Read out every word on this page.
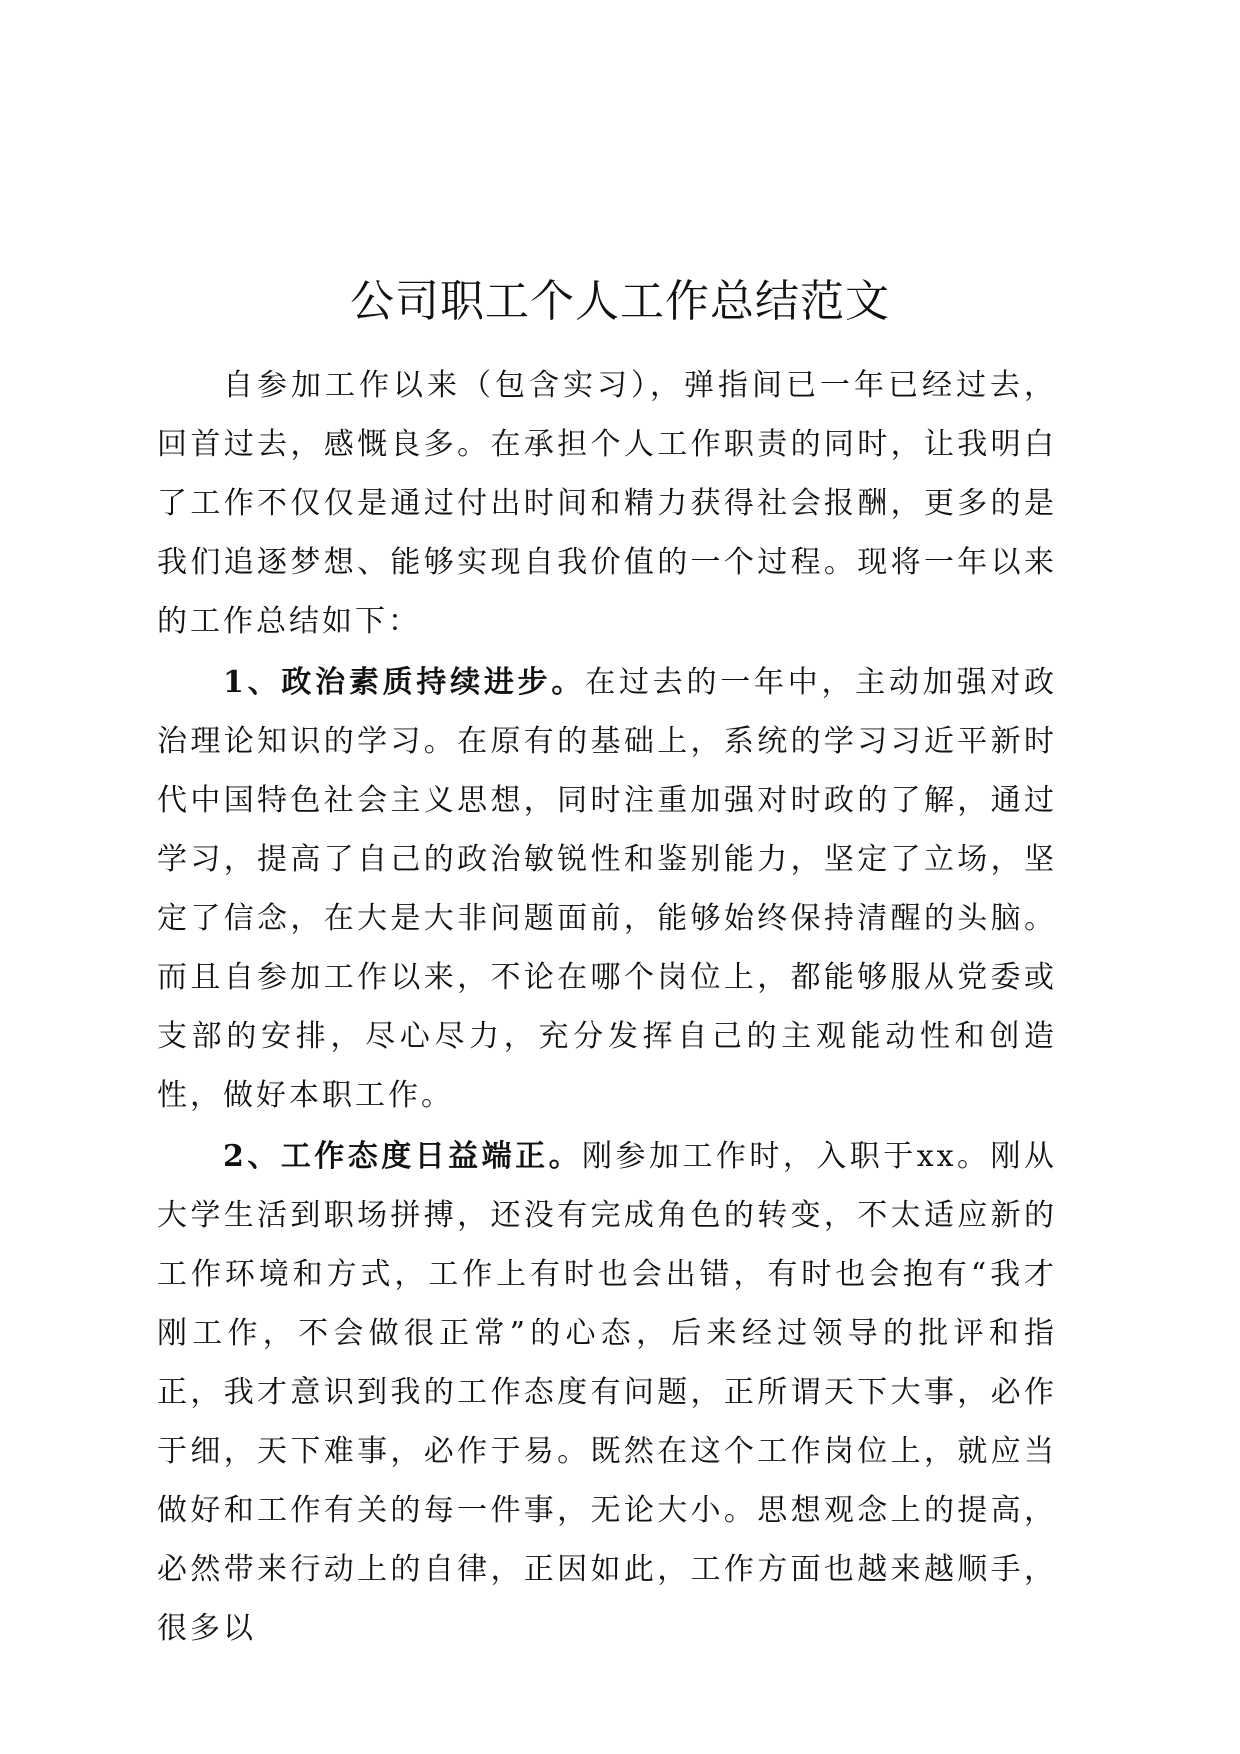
公司职工个人工作总结范文

自参加工作以来（包含实习），弹指间已一年已经过去，回首过去，感慨良多。在承担个人工作职责的同时，让我明白了工作不仅仅是通过付出时间和精力获得社会报酬，更多的是我们追逐梦想、能够实现自我价值的一个过程。现将一年以来的工作总结如下：

1、政治素质持续进步。在过去的一年中，主动加强对政治理论知识的学习。在原有的基础上，系统的学习习近平新时代中国特色社会主义思想，同时注重加强对时政的了解，通过学习，提高了自己的政治敏锐性和鉴别能力，坚定了立场，坚定了信念，在大是大非问题面前，能够始终保持清醒的头脑。而且自参加工作以来，不论在哪个岗位上，都能够服从党委或支部的安排，尽心尽力，充分发挥自己的主观能动性和创造性，做好本职工作。

2、工作态度日益端正。刚参加工作时，入职于xx。刚从大学生活到职场拼搏，还没有完成角色的转变，不太适应新的工作环境和方式，工作上有时也会出错，有时也会抱有“我才刚工作，不会做很正常”的心态，后来经过领导的批评和指正，我才意识到我的工作态度有问题，正所谓天下大事，必作于细，天下难事，必作于易。既然在这个工作岗位上，就应当做好和工作有关的每一件事，无论大小。思想观念上的提高，必然带来行动上的自律，正因如此，工作方面也越来越顺手，很多以
